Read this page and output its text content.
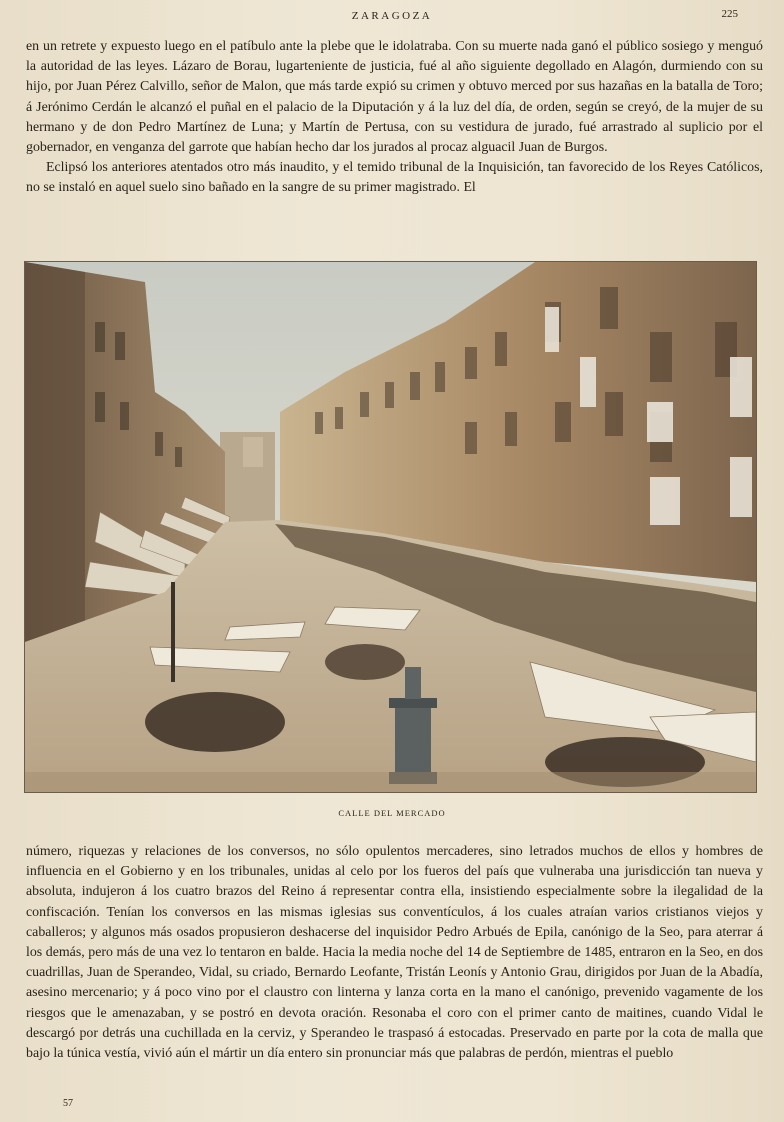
ZARAGOZA	225

en un retrete y expuesto luego en el patíbulo ante la plebe que le idolatraba. Con su muerte nada ganó el público sosiego y menguó la autoridad de las leyes. Lázaro de Borau, lugarteniente de justicia, fué al año siguiente degollado en Alagón, durmiendo con su hijo, por Juan Pérez Calvillo, señor de Malon, que más tarde expió su crimen y obtuvo merced por sus hazañas en la batalla de Toro; á Jerónimo Cerdán le alcanzó el puñal en el palacio de la Diputación y á la luz del día, de orden, según se creyó, de la mujer de su hermano y de don Pedro Martínez de Luna; y Martín de Pertusa, con su vestidura de jurado, fué arrastrado al suplicio por el gobernador, en venganza del garrote que habían hecho dar los jurados al procaz alguacil Juan de Burgos.

Eclipsó los anteriores atentados otro más inaudito, y el temido tribunal de la Inquisición, tan favorecido de los Reyes Católicos, no se instaló en aquel suelo sino bañado en la sangre de su primer magistrado. El

CALLE DEL MERCADO

número, riquezas y relaciones de los conversos, no sólo opulentos mercaderes, sino letrados muchos de ellos y hombres de influencia en el Gobierno y en los tribunales, unidas al celo por los fueros del país que vulneraba una jurisdicción tan nueva y absoluta, indujeron á los cuatro brazos del Reino á representar contra ella, insistiendo especialmente sobre la ilegalidad de la confiscación. Tenían los conversos en las mismas iglesias sus conventículos, á los cuales atraían varios cristianos viejos y caballeros; y algunos más osados propusieron deshacerse del inquisidor Pedro Arbués de Epila, canónigo de la Seo, para aterrar á los demás, pero más de una vez lo tentaron en balde. Hacia la media noche del 14 de Septiembre de 1485, entraron en la Seo, en dos cuadrillas, Juan de Sperandeo, Vidal, su criado, Bernardo Leofante, Tristán Leonís y Antonio Grau, dirigidos por Juan de la Abadía, asesino mercenario; y á poco vino por el claustro con linterna y lanza corta en la mano el canónigo, prevenido vagamente de los riesgos que le amenazaban, y se postró en devota oración. Resonaba el coro con el primer canto de maitines, cuando Vidal le descargó por detrás una cuchillada en la cerviz, y Sperandeo le traspasó á estocadas. Preservado en parte por la cota de malla que bajo la túnica vestía, vivió aún el mártir un día entero sin pronunciar más que palabras de perdón, mientras el pueblo

57
